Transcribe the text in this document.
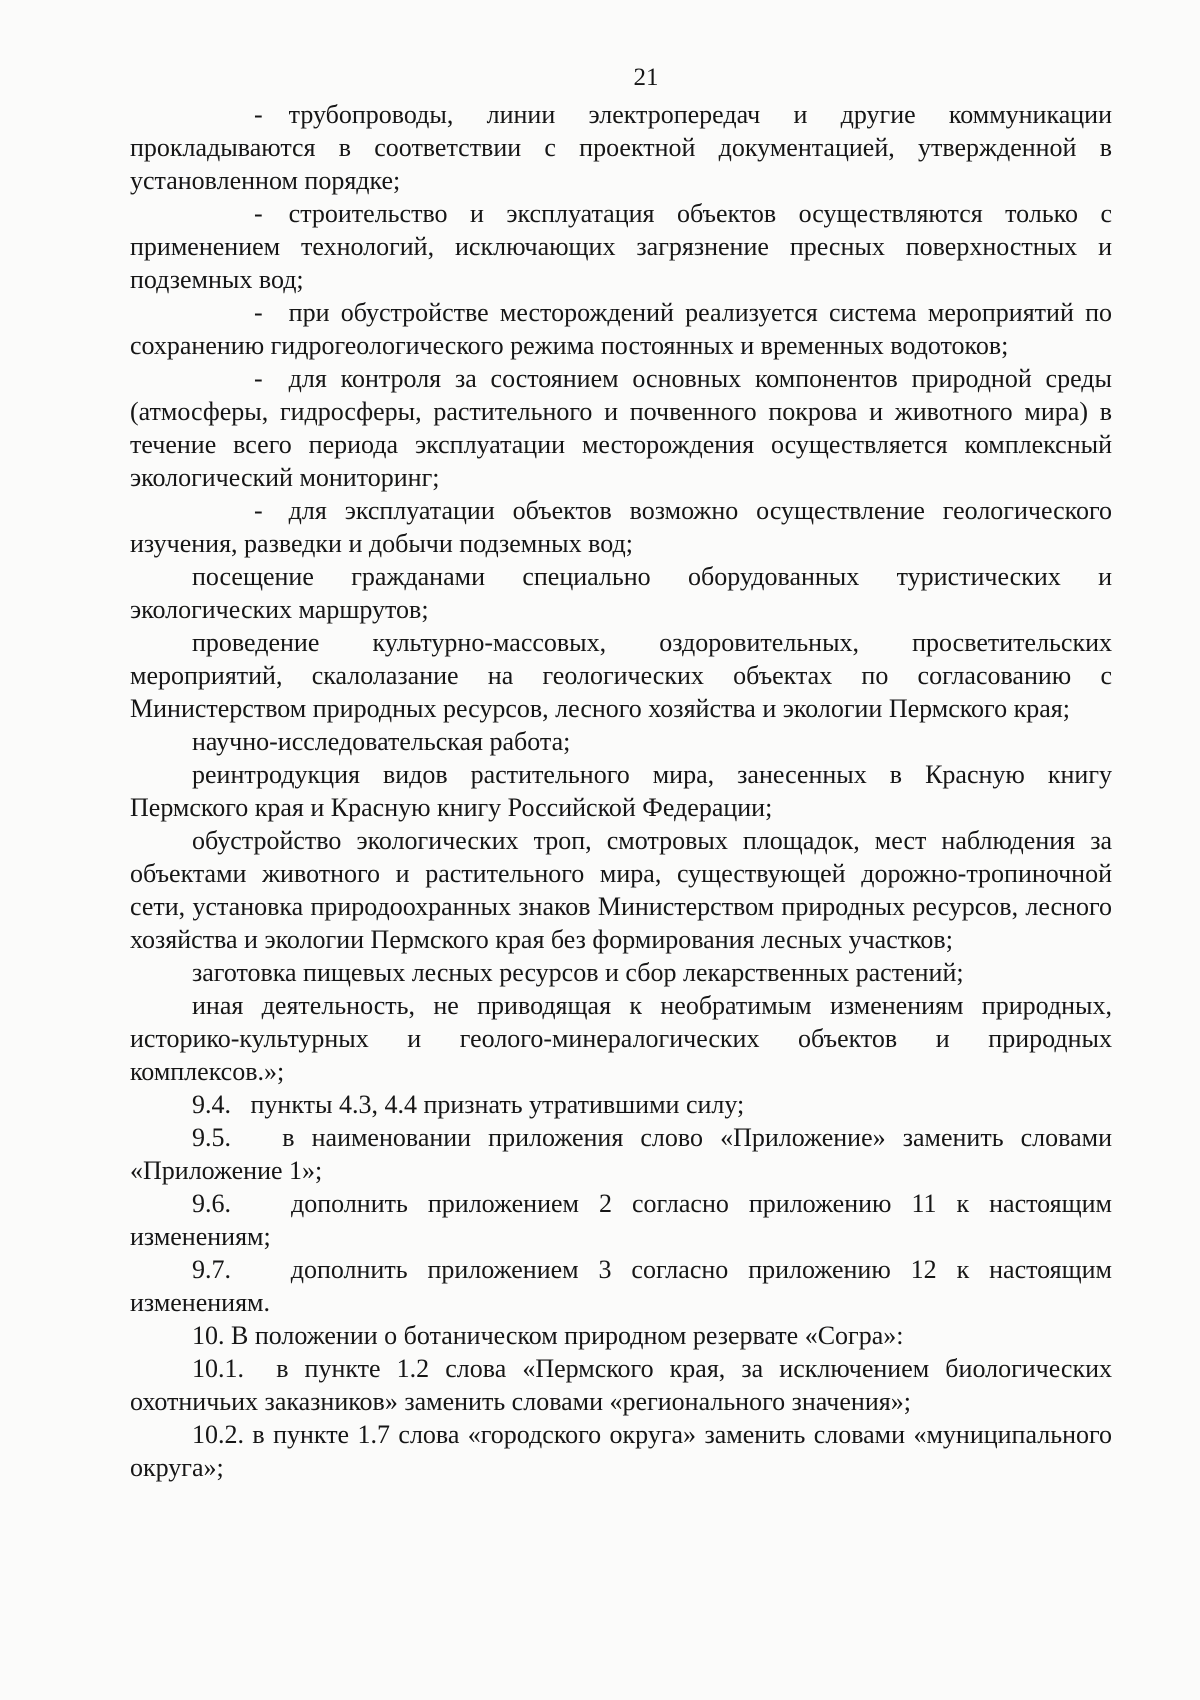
21

- трубопроводы, линии электропередач и другие коммуникации прокладываются в соответствии с проектной документацией, утвержденной в установленном порядке;

- строительство и эксплуатация объектов осуществляются только с применением технологий, исключающих загрязнение пресных поверхностных и подземных вод;

- при обустройстве месторождений реализуется система мероприятий по сохранению гидрогеологического режима постоянных и временных водотоков;

- для контроля за состоянием основных компонентов природной среды (атмосферы, гидросферы, растительного и почвенного покрова и животного мира) в течение всего периода эксплуатации месторождения осуществляется комплексный экологический мониторинг;

- для эксплуатации объектов возможно осуществление геологического изучения, разведки и добычи подземных вод;

посещение гражданами специально оборудованных туристических и экологических маршрутов;

проведение культурно-массовых, оздоровительных, просветительских мероприятий, скалолазание на геологических объектах по согласованию с Министерством природных ресурсов, лесного хозяйства и экологии Пермского края;

научно-исследовательская работа;

реинтродукция видов растительного мира, занесенных в Красную книгу Пермского края и Красную книгу Российской Федерации;

обустройство экологических троп, смотровых площадок, мест наблюдения за объектами животного и растительного мира, существующей дорожно-тропиночной сети, установка природоохранных знаков Министерством природных ресурсов, лесного хозяйства и экологии Пермского края без формирования лесных участков;

заготовка пищевых лесных ресурсов и сбор лекарственных растений;

иная деятельность, не приводящая к необратимым изменениям природных, историко-культурных и геолого-минералогических объектов и природных комплексов.»;

9.4. пункты 4.3, 4.4 признать утратившими силу;

9.5. в наименовании приложения слово «Приложение» заменить словами «Приложение 1»;

9.6. дополнить приложением 2 согласно приложению 11 к настоящим изменениям;

9.7. дополнить приложением 3 согласно приложению 12 к настоящим изменениям.

10. В положении о ботаническом природном резервате «Согра»:

10.1. в пункте 1.2 слова «Пермского края, за исключением биологических охотничьих заказников» заменить словами «регионального значения»;

10.2. в пункте 1.7 слова «городского округа» заменить словами «муниципального округа»;
